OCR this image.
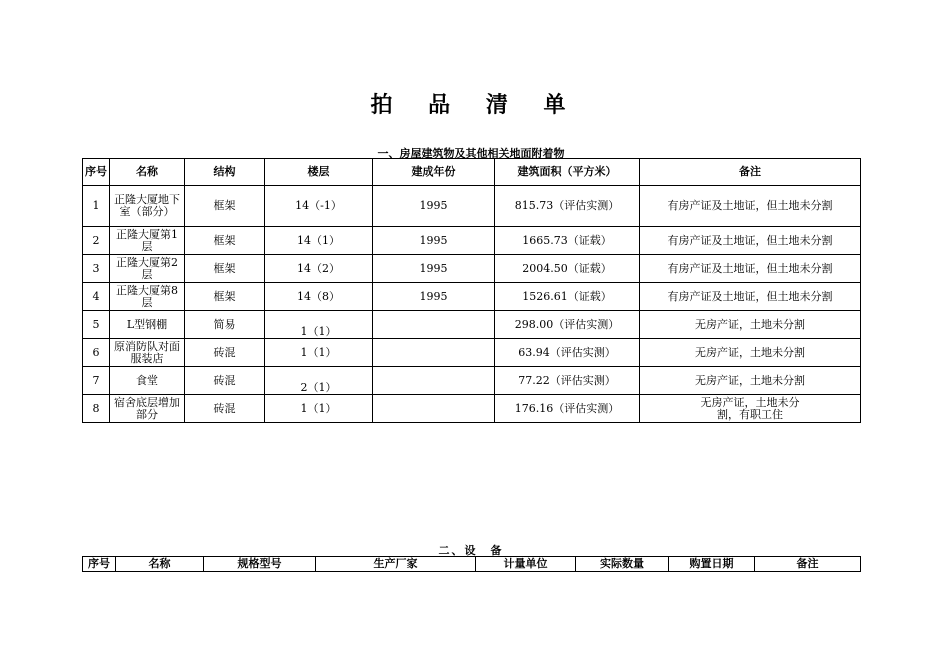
拍 品 清 单
一、房屋建筑物及其他相关地面附着物
序号	名称	结构	楼层	建成年份	建筑面积（平方米）	备注
1	正隆大厦地下室（部分）	框架	14（-1）	1995	815.73（评估实测）	有房产证及土地证，但土地未分割
2	正隆大厦第1层	框架	14（1）	1995	1665.73（证载）	有房产证及土地证，但土地未分割
3	正隆大厦第2层	框架	14（2）	1995	2004.50（证载）	有房产证及土地证，但土地未分割
4	正隆大厦第8层	框架	14（8）	1995	1526.61（证载）	有房产证及土地证，但土地未分割
5	L型钢棚	简易	1（1）		298.00（评估实测）	无房产证，土地未分割
6	原消防队对面服装店	砖混	1（1）		63.94（评估实测）	无房产证，土地未分割
7	食堂	砖混	2（1）		77.22（评估实测）	无房产证，土地未分割
8	宿舍底层增加部分	砖混	1（1）		176.16（评估实测）	无房产证，土地未分割，有职工住
二、设　备
序号	名称	规格型号	生产厂家	计量单位	实际数量	购置日期	备注
